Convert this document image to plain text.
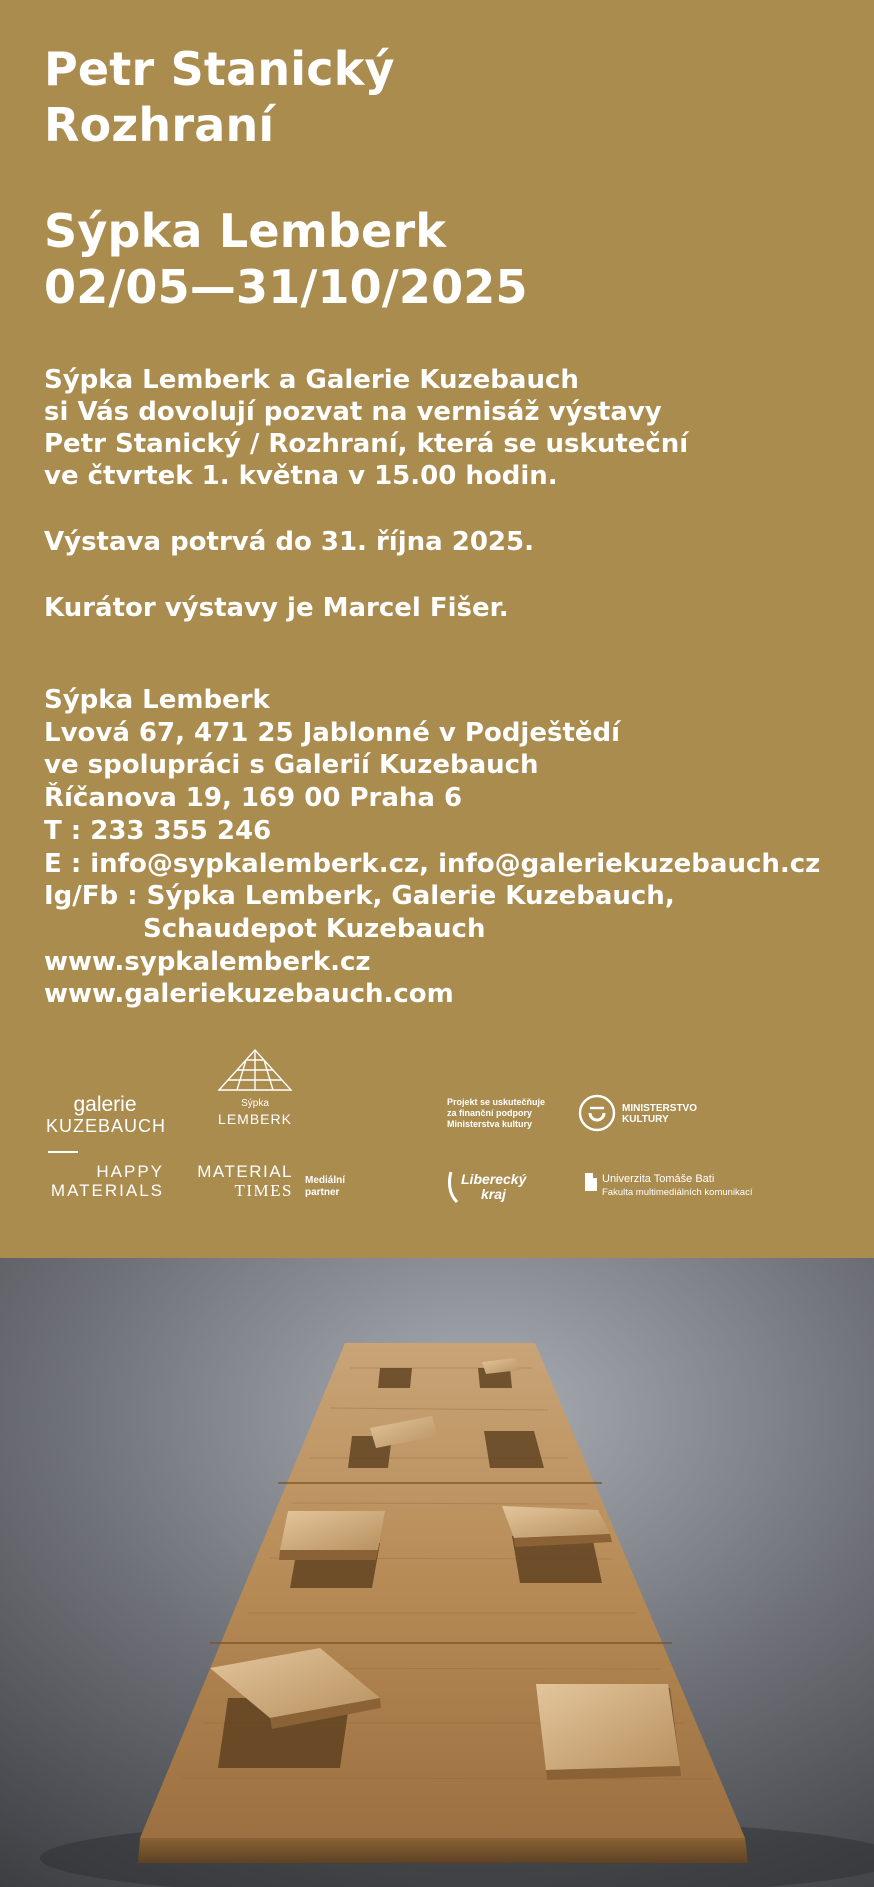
Petr Stanický
Rozhraní
Sýpka Lemberk
02/05—31/10/2025
Sýpka Lemberk a Galerie Kuzebauch
si Vás dovolují pozvat na vernisáž výstavy
Petr Stanický / Rozhraní, která se uskuteční
ve čtvrtek 1. května v 15.00 hodin.
Výstava potrvá do 31. října 2025.
Kurátor výstavy je Marcel Fišer.
Sýpka Lemberk
Lvová 67, 471 25 Jablonné v Podještědí
ve spolupráci s Galerií Kuzebauch
Říčanova 19, 169 00 Praha 6
T : 233 355 246
E : info@sypkalemberk.cz, info@galeriekuzebauch.cz
Ig/Fb : Sýpka Lemberk, Galerie Kuzebauch,
Schaudepot Kuzebauch
www.sypkalemberk.cz
www.galeriekuzebauch.com
galerie
KUZEBAUCH
Sýpka
LEMBERK
HAPPY
MATERIALS
MATERIAL
TIMES
Mediální
partner
Projekt se uskutečňuje
za finanční podpory
Ministerstva kultury
MINISTERSTVO
KULTURY
Liberecký
kraj
Univerzita Tomáše Bati
Fakulta multimediálních komunikací
